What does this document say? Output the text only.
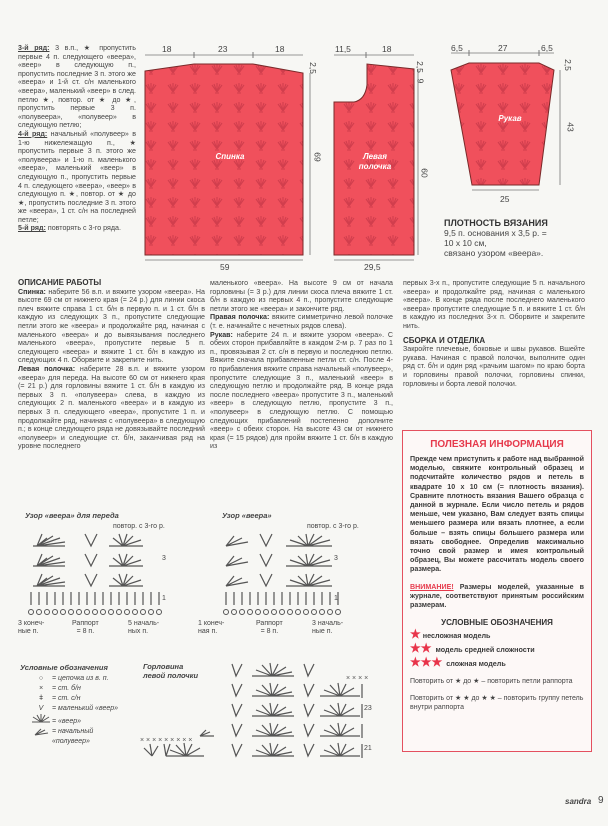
3-й ряд: 3 в.п., ★ пропустить первые 4 п. следующего «веера», «веер» в следующую п., пропустить последние 3 п. этого же «веера» и 1-й ст. с/н маленького «веера», маленький «веер» в след. петлю ★, повтор. от ★ до ★, пропустить первые 3 п. «полувеера», «полувеер» в следующую петлю;
4-й ряд: начальный «полувеер» в 1-ю нижележащую п., ★ пропустить первые 3 п. этого же «полувеера» и 1-ю п. маленького «веера», маленький «веер» в следующую п., пропустить первые 4 п. следующего «веера», «веер» в следующую п. ★, повтор. от ★ до ★, пропустить последние 3 п. этого же «веера», 1 ст. с/н на последней петле;
5-й ряд: повторять с 3-го ряда.
18	23	18
2,5
69
59
Спинка
11,5	18
2,5
9
60
29,5
Левая
полочка
6,5	27	6,5
2,5
43
25
Рукав
ПЛОТНОСТЬ ВЯЗАНИЯ
9,5 п. основания x 3,5 р. =
10 x 10 см,
связано узором «веера».
ОПИСАНИЕ РАБОТЫ
Спинка: наберите 56 в.п. и вяжите узором «веера». На высоте 69 см от нижнего края (= 24 р.) для линии скоса плеч вяжите справа 1 ст. б/н в первую п. и 1 ст. б/н в каждую из следующих 3 п., пропустите следующие петли этого же «веера» и продолжайте ряд, начиная с маленького «веера» и до вывязывания последнего маленького «веера», пропустите первые 5 п. следующего «веера» и вяжите 1 ст. б/н в каждую из следующих 4 п. Оборвите и закрепите нить.
Левая полочка: наберите 28 в.п. и вяжите узором «веера» для переда. На высоте 60 см от нижнего края (= 21 р.) для горловины вяжите 1 ст. б/н в каждую из первых 3 п. «полувеера» слева, в каждую из следующих 2 п. маленького «веера» и в каждую из первых 3 п. следующего «веера», пропустите 1 п. и продолжайте ряд, начиная с «полувеера» в следующую п.; в конце следующего ряда не довязывайте последний «полувеер» и следующие ст. б/н, заканчивая ряд на уровне последнего
маленького «веера». На высоте 9 см от начала горловины (= 3 р.) для линии скоса плеча вяжите 1 ст. б/н в каждую из первых 4 п., пропустите следующие петли этого же «веера» и закончите ряд.
Правая полочка: вяжите симметрично левой полочке (т. е. начинайте с нечетных рядов слева).
Рукав: наберите 24 п. и вяжите узором «веера». С обеих сторон прибавляйте в каждом 2-м р. 7 раз по 1 п., провязывая 2 ст. с/н в первую и последнюю петлю. Вяжите сначала прибавленные петли ст. с/н. После 4-го прибавления вяжите справа начальный «полувеер», пропустите следующие 3 п., маленький «веер» в следующую петлю и продолжайте ряд. В конце ряда после последнего «веера» пропустите 3 п., маленький «веер» в следующую петлю, пропустите 3 п., «полувеер» в следующую петлю. С помощью следующих прибавлений постепенно дополните «веер» с обеих сторон. На высоте 43 см от нижнего края (= 15 рядов) для пройм вяжите 1 ст. б/н в каждую из
первых 3-х п., пропустите следующие 5 п. начального «веера» и продолжайте ряд, начиная с маленького «веера». В конце ряда после последнего маленького «веера» пропустите следующие 5 п. и вяжите 1 ст. б/н в каждую из последних 3-х п. Оборвите и закрепите нить.
СБОРКА И ОТДЕЛКА
Закройте плечевые, боковые и швы рукавов. Вшейте рукава. Начиная с правой полочки, выполните один ряд ст. б/н и один ряд «рачьим шагом» по краю борта и горловины правой полочки, горловины спинки, горловины и борта левой полочки.
ПОЛЕЗНАЯ ИНФОРМАЦИЯ
Прежде чем приступить к работе над выбранной моделью, свяжите контрольный образец и подсчитайте количество рядов и петель в квадрате 10 x 10 см (= плотность вязания). Сравните плотность вязания Вашего образца с данной в журнале. Если число петель и рядов меньше, чем указано, Вам следует взять спицы меньшего размера или вязать плотнее, а если больше – взять спицы большего размера или вязать свободнее. Определив максимально точно свой размер и имея контрольный образец, Вы можете рассчитать модель своего размера.
ВНИМАНИЕ! Размеры моделей, указанные в журнале, соответствуют принятым российским размерам.
УСЛОВНЫЕ ОБОЗНАЧЕНИЯ
★ несложная модель
★★ модель средней сложности
★★★ сложная модель
Повторить от ★ до ★ – повторить петли раппорта
Повторить от ★ ★ до ★ ★ – повторить группу петель внутри раппорта
Узор «веера» для переда
повтор. с 3-го р.
3
1
3 конеч-
ные п.
Раппорт
= 8 п.
5 началь-
ных п.
Узор «веера»
повтор. с 3-го р.
3
1
1 конеч-
ная п.
Раппорт
= 8 п.
3 началь-
ные п.
Условные обозначения
○ = цепочка из в. п.
× = ст. б/н
ǂ = ст. с/н
V = маленький «веер»
= «веер»
= начальный «полувеер»
Горловина
левой полочки
× × × × × × × × ×
× × × ×
23
21
sandra 9
